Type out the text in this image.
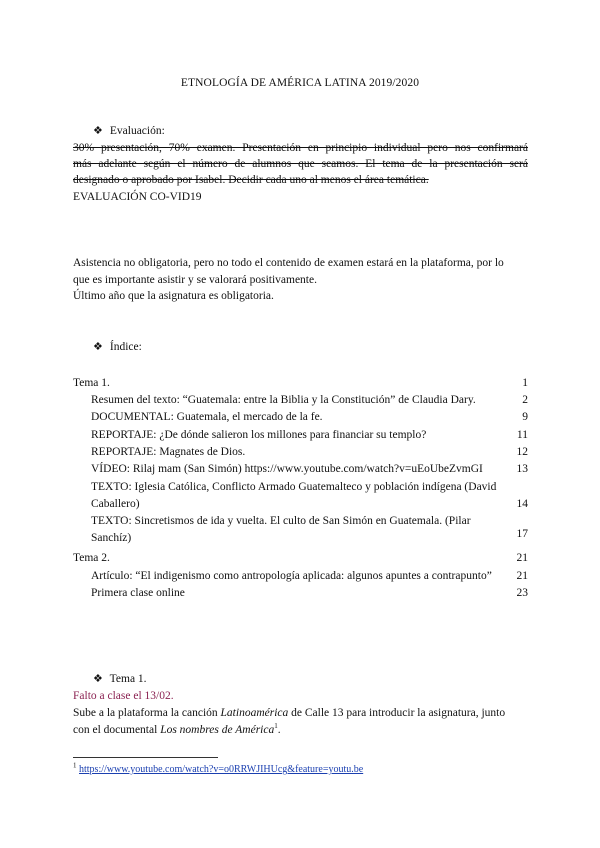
ETNOLOGÍA DE AMÉRICA LATINA 2019/2020
❖ Evaluación:
30% presentación, 70% examen. Presentación en principio individual pero nos confirmará
más adelante según el número de alumnos que seamos. El tema de la presentación será
designado o aprobado por Isabel. Decidir cada uno al menos el área temática.
EVALUACIÓN CO-VID19
Asistencia no obligatoria, pero no todo el contenido de examen estará en la plataforma, por lo
que es importante asistir y se valorará positivamente.
Último año que la asignatura es obligatoria.
❖ Índice:
Tema 1.	1
Resumen del texto: “Guatemala: entre la Biblia y la Constitución” de Claudia Dary.	2
DOCUMENTAL: Guatemala, el mercado de la fe.	9
REPORTAJE: ¿De dónde salieron los millones para financiar su templo?	11
REPORTAJE: Magnates de Dios.	12
VÍDEO: Rilaj mam (San Simón) https://www.youtube.com/watch?v=uEoUbeZvmGI	13
TEXTO: Iglesia Católica, Conflicto Armado Guatemalteco y población indígena (David
Caballero)	14
TEXTO: Sincretismos de ida y vuelta. El culto de San Simón en Guatemala. (Pilar
Sanchíz)	17
Tema 2.	21
Artículo: “El indigenismo como antropología aplicada: algunos apuntes a contrapunto” 21
Primera clase online	23
❖ Tema 1.
Falto a clase el 13/02.
Sube a la plataforma la canción Latinoamérica de Calle 13 para introducir la asignatura, junto
con el documental Los nombres de América$^1$.
$^1$ https://www.youtube.com/watch?v=o0RRWJIHUcg&feature=youtu.be
